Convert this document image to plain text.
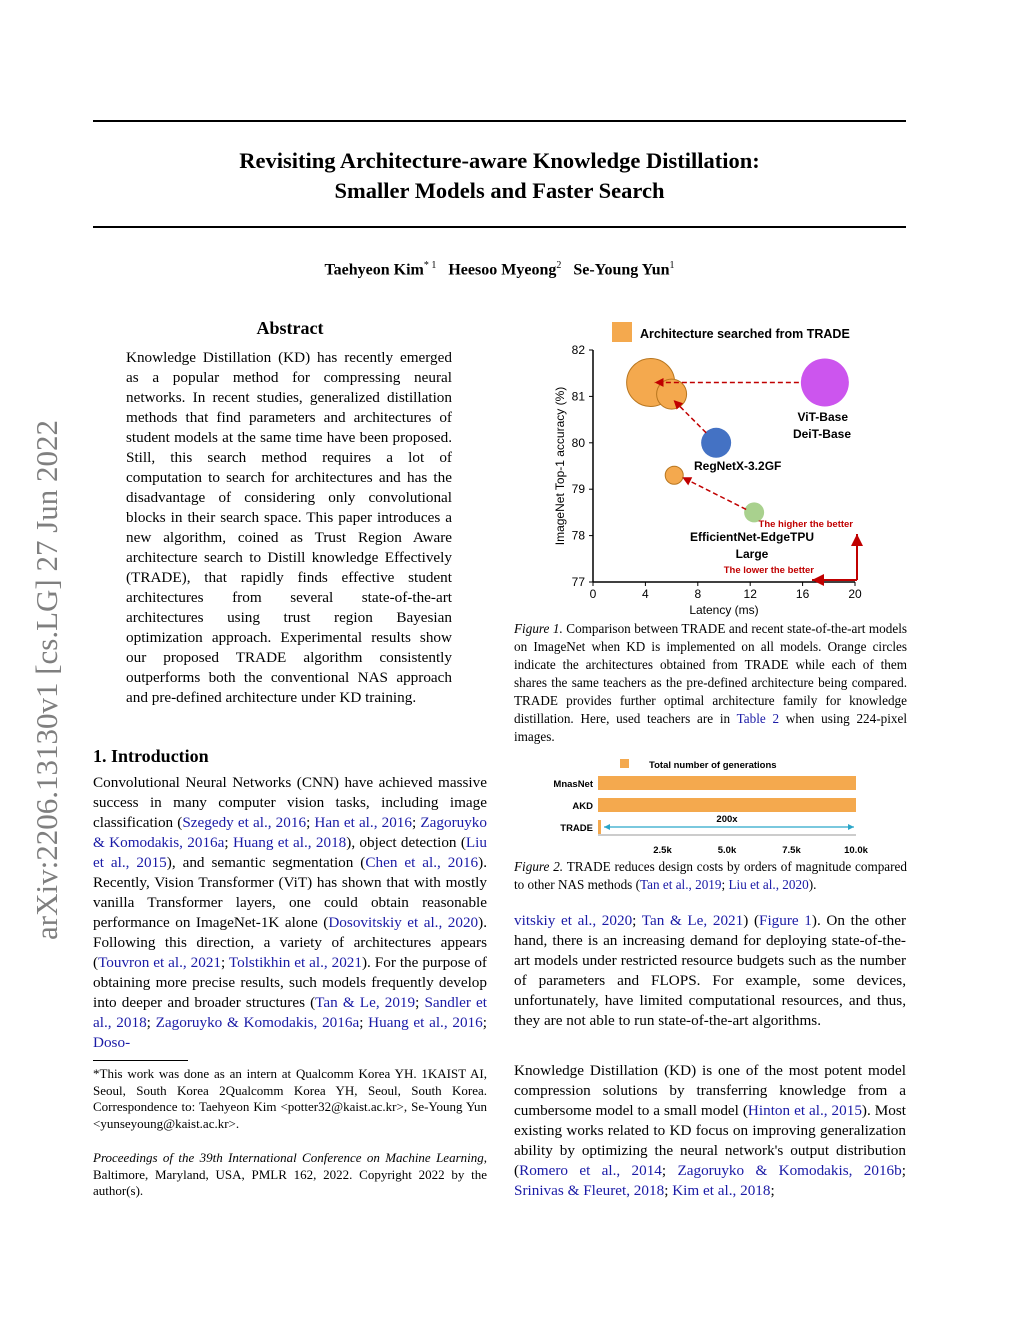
Revisiting Architecture-aware Knowledge Distillation:
Smaller Models and Faster Search
Taehyeon Kim$^{* 1}$ Heesoo Myeong$^2$ Se-Young Yun$^1$
arXiv:2206.13130v1 [cs.LG] 27 Jun 2022
Abstract
Knowledge Distillation (KD) has recently emerged as a popular method for compressing neural networks. In recent studies, generalized distillation methods that find parameters and architectures of student models at the same time have been proposed. Still, this search method requires a lot of computation to search for architectures and has the disadvantage of considering only convolutional blocks in their search space. This paper introduces a new algorithm, coined as Trust Region Aware architecture search to Distill knowledge Effectively (TRADE), that rapidly finds effective student architectures from several state-of-the-art architectures using trust region Bayesian optimization approach. Experimental results show our proposed TRADE algorithm consistently outperforms both the conventional NAS approach and pre-defined architecture under KD training.
1. Introduction
Convolutional Neural Networks (CNN) have achieved massive success in many computer vision tasks, including image classification (Szegedy et al., 2016; Han et al., 2016; Zagoruyko & Komodakis, 2016a; Huang et al., 2018), object detection (Liu et al., 2015), and semantic segmentation (Chen et al., 2016). Recently, Vision Transformer (ViT) has shown that with mostly vanilla Transformer layers, one could obtain reasonable performance on ImageNet-1K alone (Dosovitskiy et al., 2020). Following this direction, a variety of architectures appears (Touvron et al., 2021; Tolstikhin et al., 2021). For the purpose of obtaining more precise results, such models frequently develop into deeper and broader structures (Tan & Le, 2019; Sandler et al., 2018; Zagoruyko & Komodakis, 2016a; Huang et al., 2016; Doso-
*This work was done as an intern at Qualcomm Korea YH. 1KAIST AI, Seoul, South Korea 2Qualcomm Korea YH, Seoul, South Korea. Correspondence to: Taehyeon Kim <potter32@kaist.ac.kr>, Se-Young Yun <yunseyoung@kaist.ac.kr>.
Proceedings of the 39th International Conference on Machine Learning, Baltimore, Maryland, USA, PMLR 162, 2022. Copyright 2022 by the author(s).
Architecture searched from TRADE
77
78
79
80
81
82
0	4	8	12	16	20
Latency (ms)
ImageNet Top-1 accuracy (%)	ViT-Base
DeiT-Base
RegNetX-3.2GF
EfficientNet-EdgeTPU
Large
The higher the better
The lower the better
Figure 1. Comparison between TRADE and recent state-of-the-art models on ImageNet when KD is implemented on all models. Orange circles indicate the architectures obtained from TRADE while each of them shares the same teachers as the pre-defined architecture being compared. TRADE provides further optimal architecture family for knowledge distillation. Here, used teachers are in Table 2 when using 224-pixel images.
Total number of generations
MnasNet
AKD
TRADE
2.5k	5.0k	7.5k	10.0k
200x
Figure 2. TRADE reduces design costs by orders of magnitude compared to other NAS methods (Tan et al., 2019; Liu et al., 2020).
vitskiy et al., 2020; Tan & Le, 2021) (Figure 1). On the other hand, there is an increasing demand for deploying state-of-the-art models under restricted resource budgets such as the number of parameters and FLOPS. For example, some devices, unfortunately, have limited computational resources, and thus, they are not able to run state-of-the-art algorithms.
Knowledge Distillation (KD) is one of the most potent model compression solutions by transferring knowledge from a cumbersome model to a small model (Hinton et al., 2015). Most existing works related to KD focus on improving generalization ability by optimizing the neural network's output distribution (Romero et al., 2014; Zagoruyko & Komodakis, 2016b; Srinivas & Fleuret, 2018; Kim et al., 2018;
